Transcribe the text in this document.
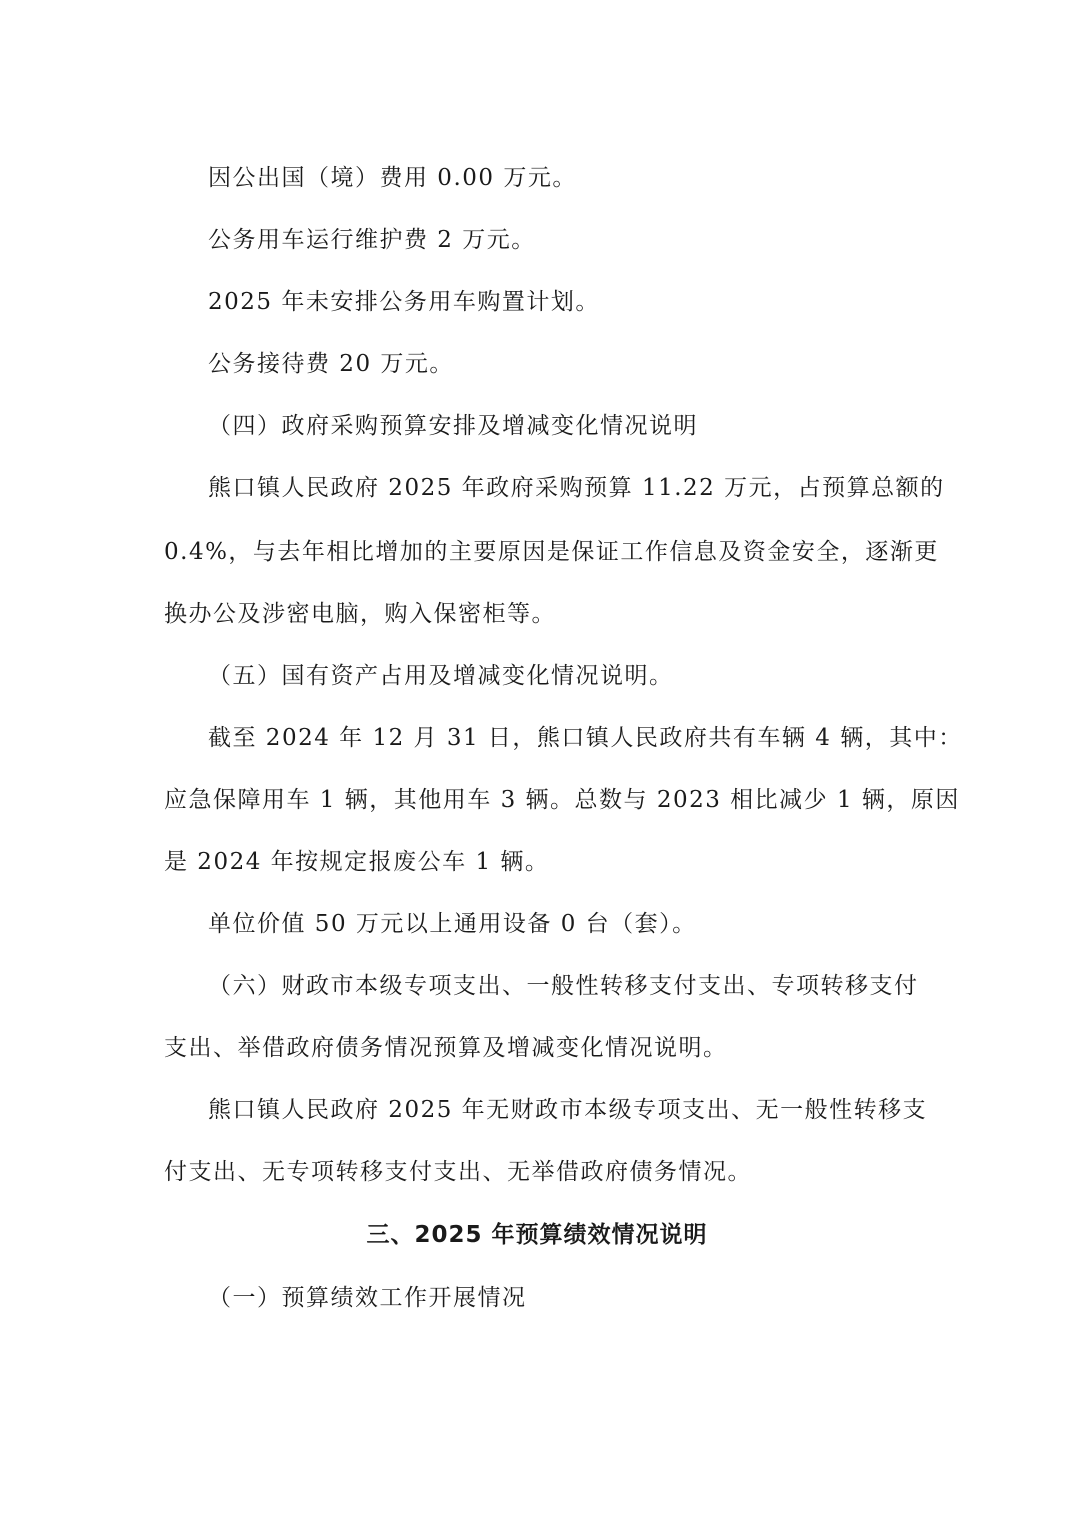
因公出国（境）费用 0.00 万元。
公务用车运行维护费 2 万元。
2025 年未安排公务用车购置计划。
公务接待费 20 万元。
（四）政府采购预算安排及增减变化情况说明
熊口镇人民政府 2025 年政府采购预算 11.22 万元，占预算总额的
0.4%，与去年相比增加的主要原因是保证工作信息及资金安全，逐渐更
换办公及涉密电脑，购入保密柜等。
（五）国有资产占用及增减变化情况说明。
截至 2024 年 12 月 31 日，熊口镇人民政府共有车辆 4 辆，其中：
应急保障用车 1 辆，其他用车 3 辆。总数与 2023 相比减少 1 辆，原因
是 2024 年按规定报废公车 1 辆。
单位价值 50 万元以上通用设备 0 台（套）。
（六）财政市本级专项支出、一般性转移支付支出、专项转移支付
支出、举借政府债务情况预算及增减变化情况说明。
熊口镇人民政府 2025 年无财政市本级专项支出、无一般性转移支
付支出、无专项转移支付支出、无举借政府债务情况。
三、2025 年预算绩效情况说明
（一）预算绩效工作开展情况
